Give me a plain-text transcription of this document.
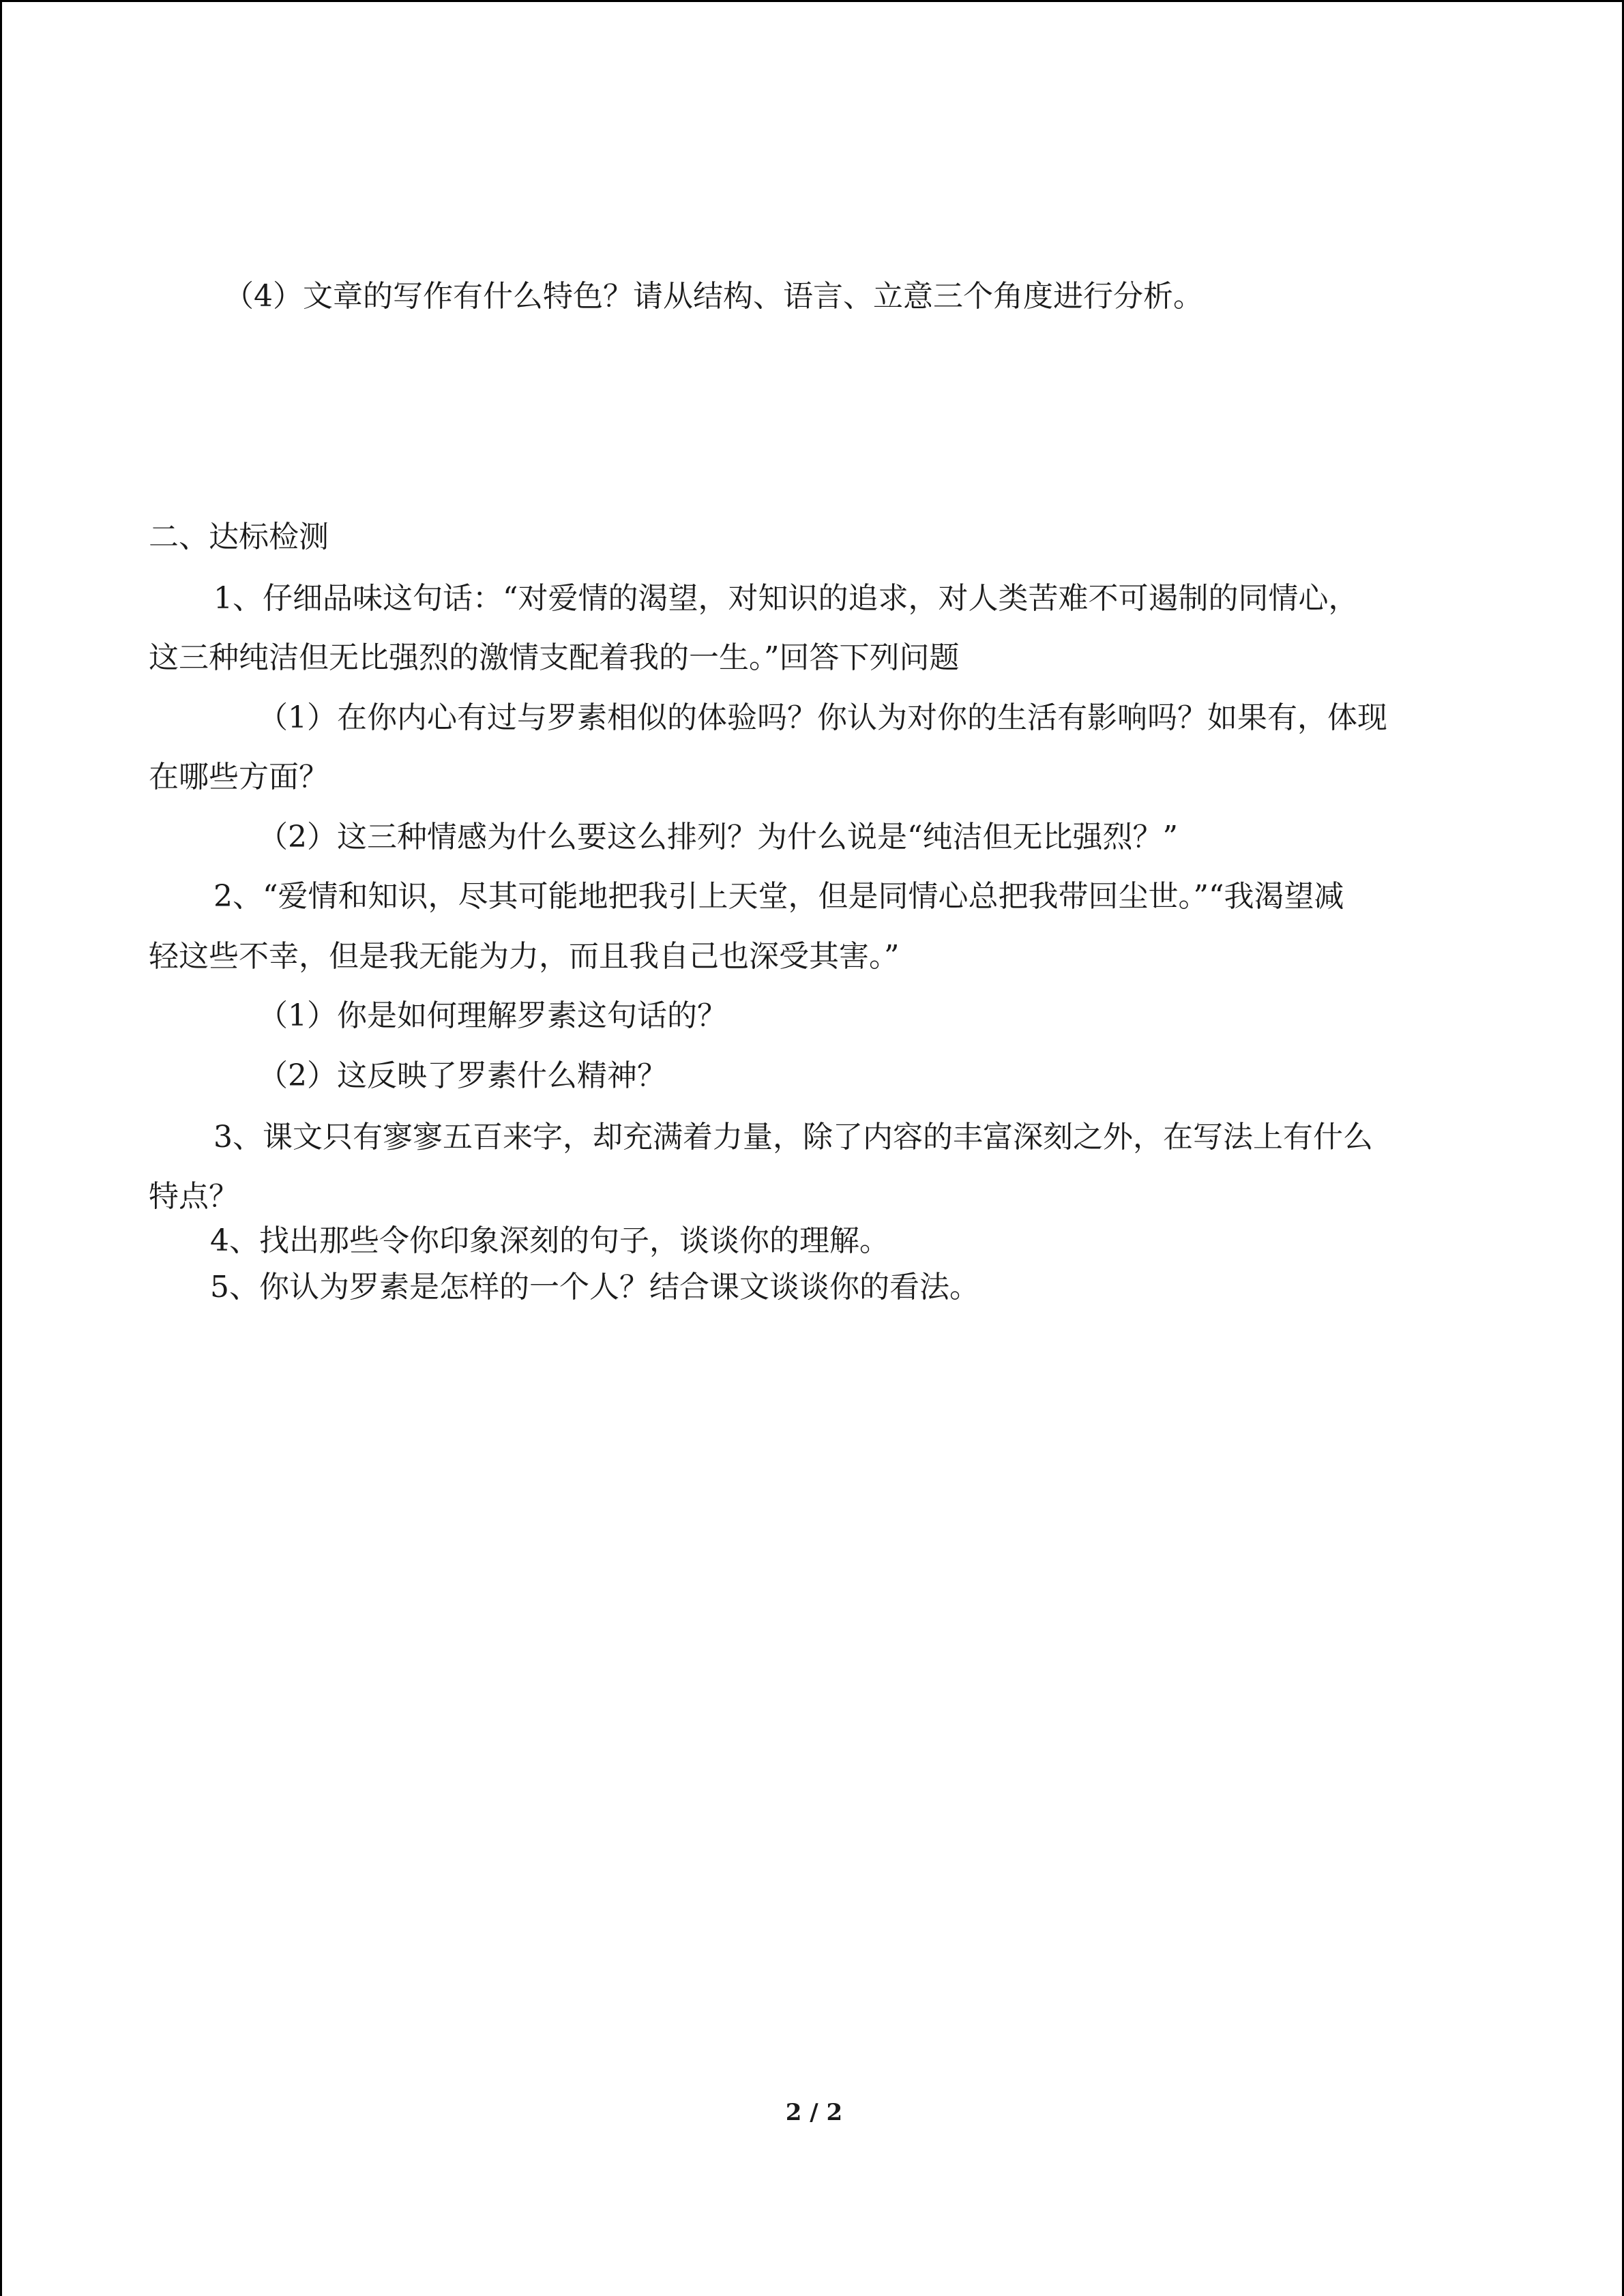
（4）文章的写作有什么特色？请从结构、语言、立意三个角度进行分析。
二、达标检测
1、仔细品味这句话：“对爱情的渴望，对知识的追求，对人类苦难不可遏制的同情心，
这三种纯洁但无比强烈的激情支配着我的一生。”回答下列问题
（1）在你内心有过与罗素相似的体验吗？你认为对你的生活有影响吗？如果有，体现
在哪些方面？
（2）这三种情感为什么要这么排列？为什么说是“纯洁但无比强烈？”
2、“爱情和知识，尽其可能地把我引上天堂，但是同情心总把我带回尘世。”“我渴望减
轻这些不幸，但是我无能为力，而且我自己也深受其害。”
（1）你是如何理解罗素这句话的？
（2）这反映了罗素什么精神？
3、课文只有寥寥五百来字，却充满着力量，除了内容的丰富深刻之外，在写法上有什么
特点？
4、找出那些令你印象深刻的句子，谈谈你的理解。
5、你认为罗素是怎样的一个人？结合课文谈谈你的看法。
2 / 2
